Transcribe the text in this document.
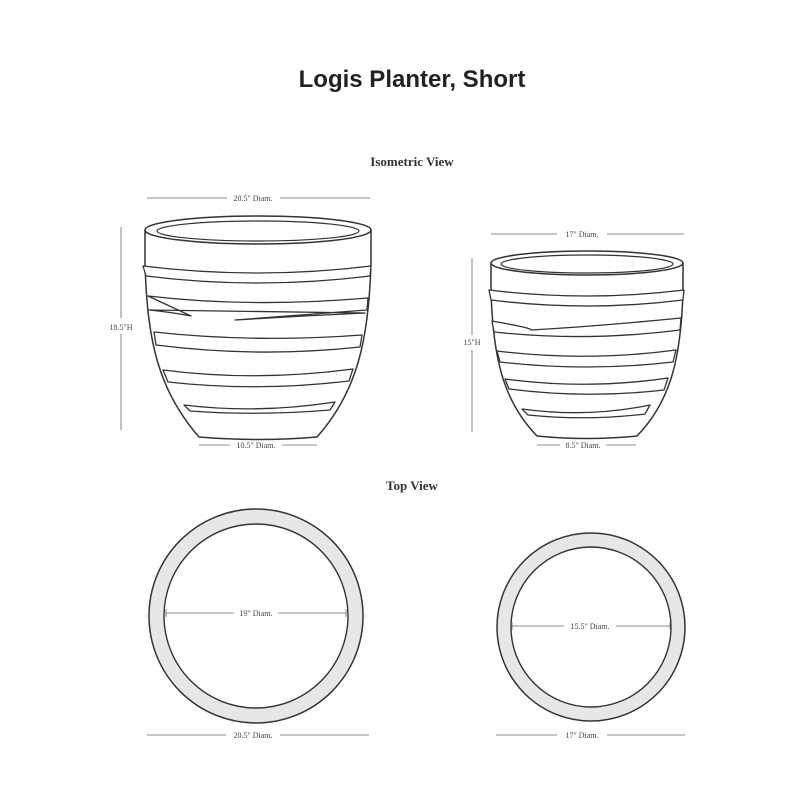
Logis Planter, Short
Isometric View
20.5" Diam.
18.5"H
10.5" Diam.
17" Diam.
15"H
8.5" Diam.
Top View
19" Diam.
20.5" Diam.
15.5" Diam.
17" Diam.
